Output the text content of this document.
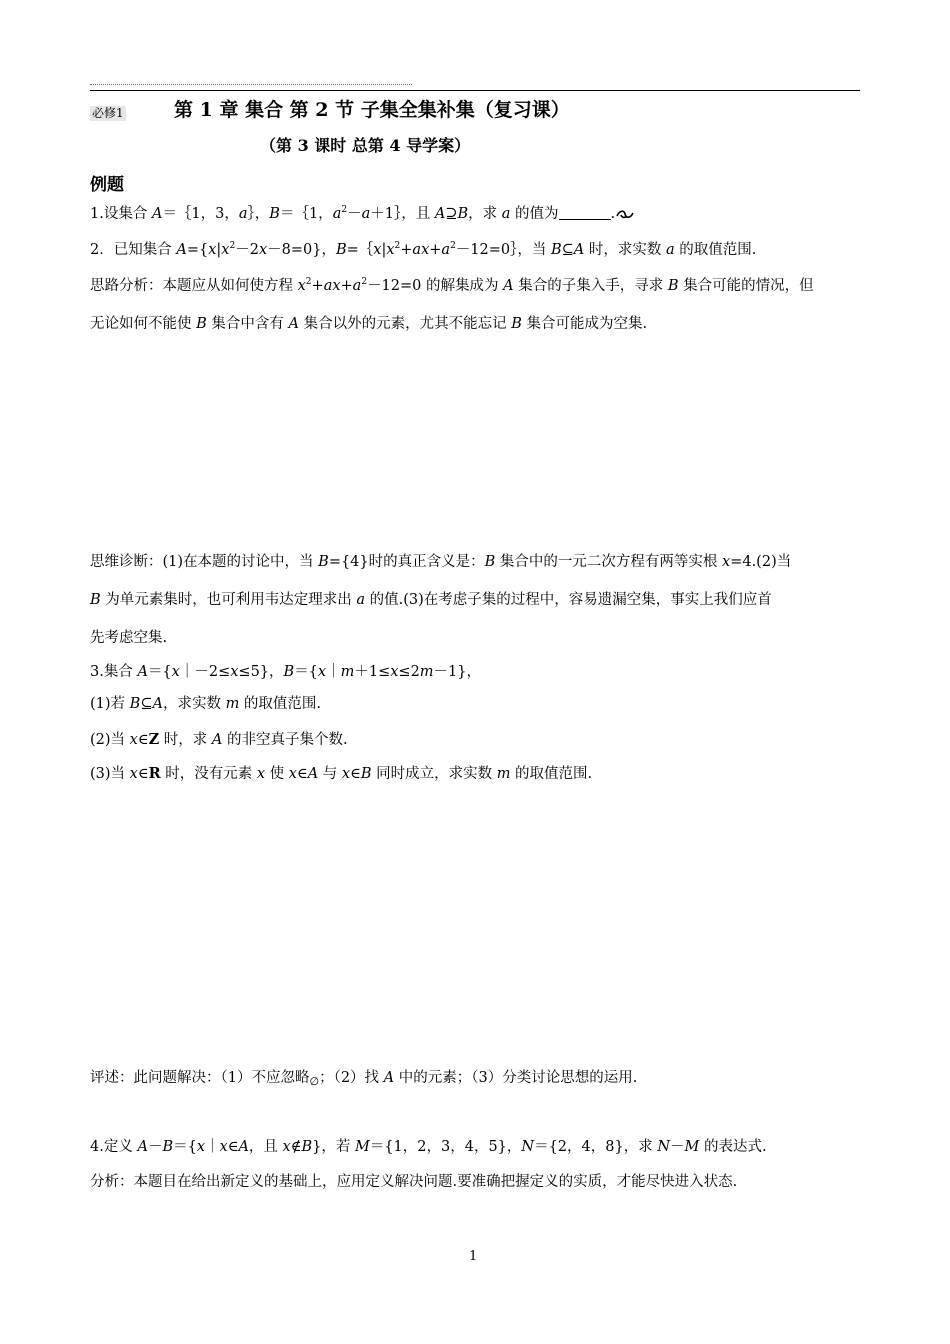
必修1	第 1 章 集合 第 2 节 子集全集补集（复习课）
（第 3 课时 总第 4 导学案）
例题
1.设集合 A＝｛1，3，a｝，B＝｛1，$a^2-a+1\}$，且 A⊇B，求 a 的值为	.
2．已知集合 $A=\{x|x^2-2x-8=0\}$，$B=\{x|x^2+ax+a^2-12=0\}$，当 B⊆A 时，求实数 a 的取值范围.
思路分析：本题应从如何使方程 $x^2+ax+a^2-12=0$ 的解集成为 A 集合的子集入手，寻求 B 集合可能的情况，但
无论如何不能使 B 集合中含有 A 集合以外的元素，尤其不能忘记 B 集合可能成为空集.
思维诊断：(1)在本题的讨论中，当 B={4}时的真正含义是：B 集合中的一元二次方程有两等实根 x=4.(2)当
B 为单元素集时，也可利用韦达定理求出 a 的值.(3)在考虑子集的过程中，容易遗漏空集，事实上我们应首
先考虑空集.
3.集合 A＝{x｜－2≤x≤5}，B＝{x｜m＋1≤x≤2m－1}，
(1)若 B⊆A，求实数 m 的取值范围.
(2)当 x∈Z 时，求 A 的非空真子集个数.
(3)当 x∈R 时，没有元素 x 使 x∈A 与 x∈B 同时成立，求实数 m 的取值范围.
评述：此问题解决：（1）不应忽略∅；（2）找 A 中的元素；（3）分类讨论思想的运用.
4.定义 A－B＝{x｜x∈A，且 x∉B}，若 M＝{1，2，3，4，5}，N＝{2，4，8}，求 N－M 的表达式.
分析：本题目在给出新定义的基础上，应用定义解决问题.要准确把握定义的实质，才能尽快进入状态.
1
